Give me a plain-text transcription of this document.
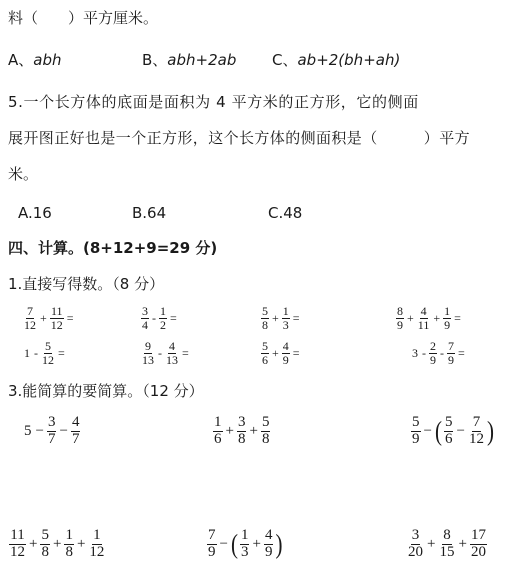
料（　　）平方厘米。
A、abh	B、abh+2ab C、ab+2(bh+ah)
5.一个长方体的底面是面积为 4 平方米的正方形，它的侧面
展开图正好也是一个正方形，这个长方体的侧面积是（　　　）平方
米。
A.16	B.64	C.48
四、计算。(8+12+9=29 分)
1.直接写得数。（8 分）
$\frac{7}{12} + \frac{11}{12}$ =	$\frac{3}{4} - \frac{1}{2}$ =	$\frac{5}{8} + \frac{1}{3}$ =	$\frac{8}{9} + \frac{4}{11} + \frac{1}{9}$ =
$1 - \frac{5}{12}$ =	$\frac{9}{13} - \frac{4}{13}$ =	$\frac{5}{6} + \frac{4}{9}$ =	$3 - \frac{2}{9} - \frac{7}{9}$ =
3.能简算的要简算。（12 分）
$5 - \frac{3}{7} - \frac{4}{7}$	$\frac{1}{6} + \frac{3}{8} + \frac{5}{8}$	$\frac{5}{9}$ − ( $\frac{5}{6} - \frac{7}{12}$ )
$\frac{11}{12} + \frac{5}{8} + \frac{1}{8} + \frac{1}{12}$	$\frac{7}{9}$ − ( $\frac{1}{3} + \frac{4}{9}$ )	$\frac{3}{20} + \frac{8}{15} + \frac{17}{20}$
